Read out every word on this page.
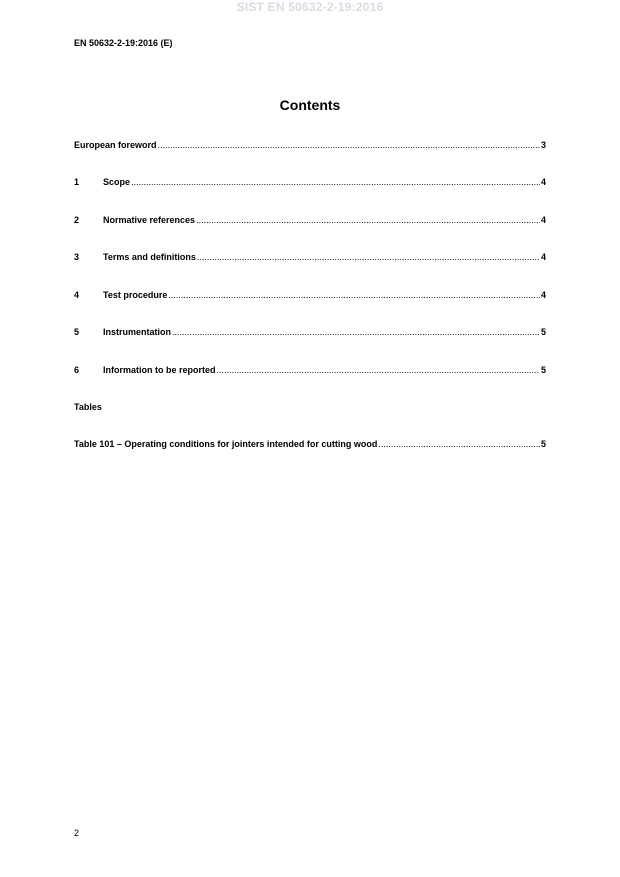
SIST EN 50632-2-19:2016
EN 50632-2-19:2016 (E)
Contents
European foreword .....	3
1	Scope .....	4
2	Normative references .....	4
3	Terms and definitions .....	4
4	Test procedure .....	4
5	Instrumentation .....	5
6	Information to be reported .....	5
Table 101 – Operating conditions for jointers intended for cutting wood .....	5
Tables
2
